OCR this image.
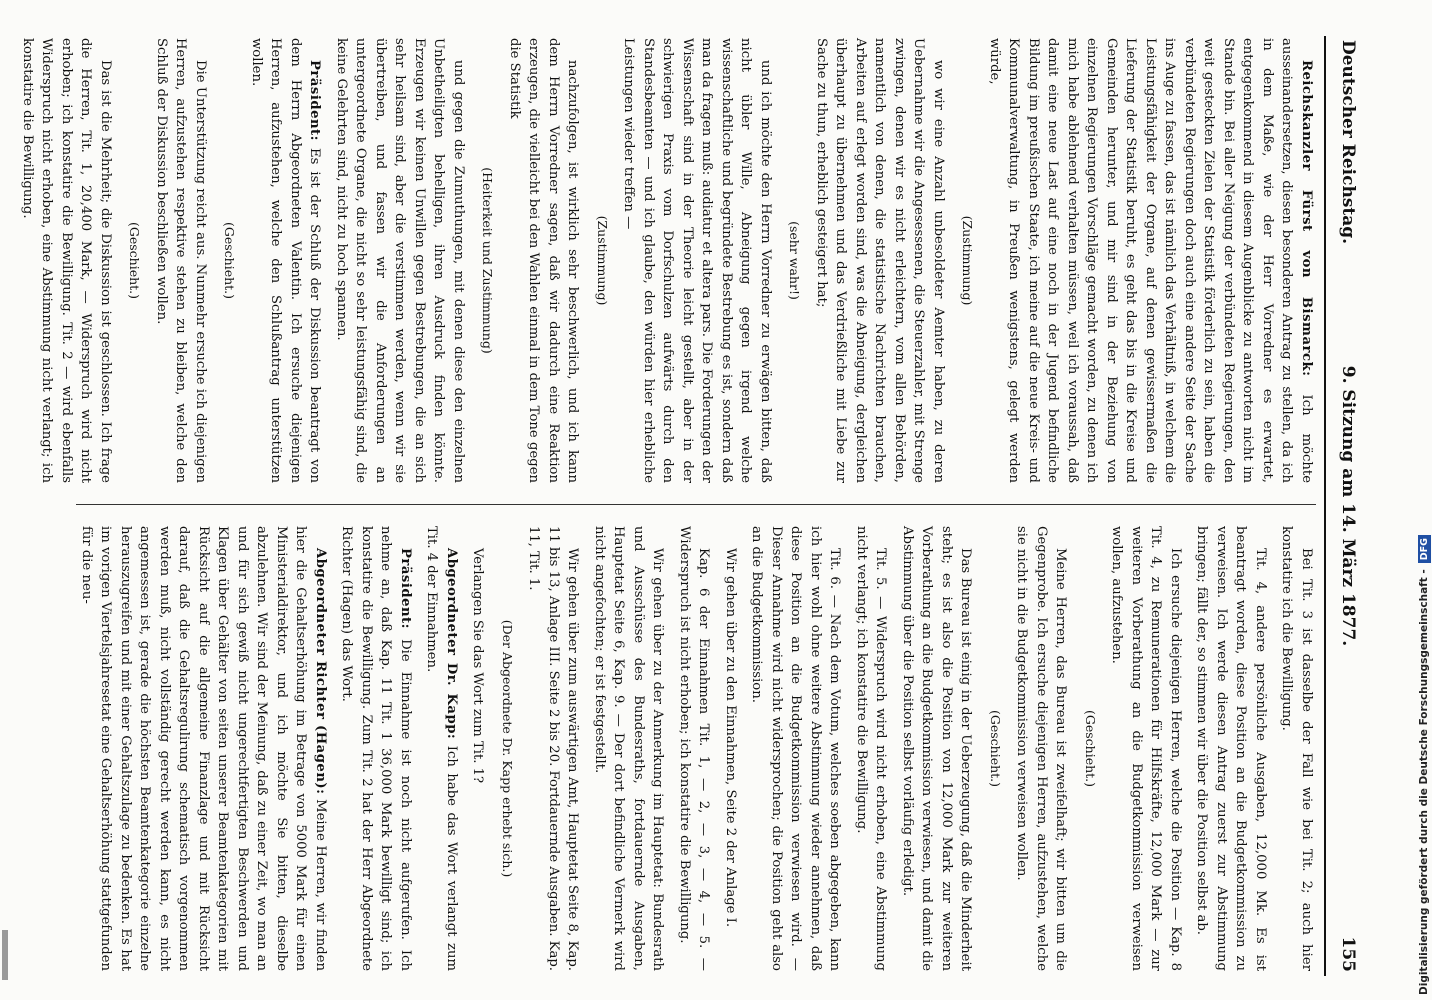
Deutscher Reichstag.
9. Sitzung am 14. März 1877.
155

Reichskanzler Fürst von Bismarck: Ich möchte ausseinandersetzen, diesen besonderen Antrag zu stellen, da ich in dem Maße, wie der Herr Vorredner es erwartet, entgegenkommend in diesem Augenblicke zu antworten nicht im Stande bin. Bei aller Neigung der verbündeten Regierungen, den weit gesteckten Zielen der Statistik förderlich zu sein, haben die verbündeten Regierungen doch auch eine andere Seite der Sache ins Auge zu fassen, das ist nämlich das Verhältniß, in welchem die Leistungsfähigkeit der Organe, auf denen gewissermaßen die Lieferung der Statistik beruht, es geht das bis in die Kreise und Gemeinden herunter, und mir sind in der Beziehung von einzelnen Regierungen Vorschläge gemacht worden, zu denen ich mich habe ablehnend verhalten müssen, weil ich voraussah, daß damit eine neue Last auf eine noch in der Jugend befindliche Bildung im preußischen Staate, ich meine auf die neue Kreis- und Kommunalverwaltung, in Preußen wenigstens, gelegt werden würde,

(Zustimmung)

wo wir eine Anzahl unbesoldeter Aemter haben, zu deren Uebernahme wir die Angesessenen, die Steuerzahler, mit Strenge zwingen, denen wir es nicht erleichtern, vom allen Behörden, namentlich von denen, die statistische Nachrichten brauchen, Arbeiten auf erlegt worden sind, was die Abneigung, dergleichen überhaupt zu übernehmen und das Verdrießliche mit Liebe zur Sache zu thun, erheblich gesteigert hat;

(sehr wahr!)

und ich möchte den Herrn Vorredner zu erwägen bitten, daß nicht übler Wille, Abneigung gegen irgend welche wissenschaftliche und begründete Bestrebung es ist, sondern daß man da fragen muß: audiatur et altera pars. Die Forderungen der Wissenschaft sind in der Theorie leicht gestellt, aber in der schwierigen Praxis vom Dorfschulzen aufwärts durch den Standesbeamten — und ich glaube, den würden hier erhebliche Leistungen wieder treffen —

(Zustimmung)

nachzufolgen, ist wirklich sehr beschwerlich, und ich kann dem Herrn Vorredner sagen, daß wir dadurch eine Reaktion erzeugen, die vielleicht bei den Wahlen einmal in dem Tone gegen die Statistik

(Heiterkeit und Zustimmung)

und gegen die Zumuthungen, mit denen diese den einzelnen Unbetheiligten behelligen, ihren Ausdruck finden könnte. Erzeugen wir keinen Unwillen gegen Bestrebungen, die an sich sehr heilsam sind, aber die verstimmen werden, wenn wir sie übertreiben, und fassen wir die Anforderungen an untergeordnete Organe, die nicht so sehr leistungsfähig sind, die keine Gelehrten sind, nicht zu hoch spannen.

Präsident: Es ist der Schluß der Diskussion beantragt von dem Herrn Abgeordneten Valentin. Ich ersuche diejenigen Herren, aufzustehen, welche den Schlußantrag unterstützen wollen.

(Geschieht.)

Die Unterstützung reicht aus. Nunmehr ersuche ich diejenigen Herren, aufzustehen respektive stehen zu bleiben, welche den Schluß der Diskussion beschließen wollen.

(Geschieht.)

Das ist die Mehrheit; die Diskussion ist geschlossen. Ich frage die Herren, Tit. 1, 20,400 Mark, — Widerspruch wird nicht erhoben; ich konstatire die Bewilligung. Tit. 2 — wird ebenfalls Widerspruch nicht erhoben, eine Abstimmung nicht verlangt; ich konstatire die Bewilligung.

Bei Tit. 3 ist dasselbe der Fall wie bei Tit. 2; auch hier konstatire ich die Bewilligung.

Tit. 4, andere persönliche Ausgaben, 12,000 Mk. Es ist beantragt worden, diese Position an die Budgetkommission zu verweisen. Ich werde diesen Antrag zuerst zur Abstimmung bringen; fällt der, so stimmen wir über die Position selbst ab.

Ich ersuche diejenigen Herren, welche die Position — Kap. 8 Tit. 4, zu Remunerationen für Hilfskräfte, 12,000 Mark — zur weiteren Vorberathung an die Budgetkommission verweisen wollen, aufzustehen.

(Geschieht.)

Meine Herren, das Bureau ist zweifelhaft; wir bitten um die Gegenprobe. Ich ersuche diejenigen Herren, aufzustehen, welche sie nicht in die Budgetkommission verweisen wollen.

(Geschieht.)

Das Bureau ist einig in der Ueberzeugung, daß die Minderheit steht; es ist also die Position von 12,000 Mark zur weiteren Vorberathung an die Budgetkommission verwiesen, und damit die Abstimmung über die Position selbst vorläufig erledigt.

Tit. 5. — Widerspruch wird nicht erhoben, eine Abstimmung nicht verlangt; ich konstatire die Bewilligung.

Tit. 6. — Nach dem Votum, welches soeben abgegeben, kann ich hier wohl ohne weitere Abstimmung wieder annehmen, daß diese Position an die Budgetkommission verwiesen wird. — Dieser Annahme wird nicht widersprochen; die Position geht also an die Budgetkommission.

Wir gehen über zu den Einnahmen, Seite 2 der Anlage I.

Kap. 6 der Einnahmen Tit. 1, — 2, — 3, — 4, — 5. — Widerspruch ist nicht erhoben; ich konstatire die Bewilligung.

Wir gehen über zu der Anmerkung im Hauptetat: Bundesrath und Ausschüsse des Bundesraths, fortdauernde Ausgaben, Hauptetat Seite 6, Kap. 9. — Der dort befindliche Vermerk wird nicht angefochten; er ist festgestellt.

Wir gehen über zum auswärtigen Amt, Hauptetat Seite 8, Kap. 11 bis 13, Anlage III. Seite 2 bis 20. Fortdauernde Ausgaben. Kap. 11, Tit. 1.

(Der Abgeordnete Dr. Kapp erhebt sich.)

Verlangen Sie das Wort zum Tit. 1?

Abgeordneter Dr. Kapp: Ich habe das Wort verlangt zum Tit. 4 der Einnahmen.

Präsident: Die Einnahme ist noch nicht aufgerufen. Ich nehme an, daß Kap. 11 Tit. 1 36,000 Mark bewilligt sind; ich konstatire die Bewilligung. Zum Tit. 2 hat der Herr Abgeordnete Richter (Hagen) das Wort.

Abgeordneter Richter (Hagen): Meine Herren, wir finden hier die Gehaltserhöhung im Betrage von 5000 Mark für einen Ministerialdirektor, und ich möchte Sie bitten, dieselbe abzulehnen. Wir sind der Meinung, daß zu einer Zeit, wo man an und für sich gewiß nicht ungerechtfertigten Beschwerden und Klagen über Gehälter von seiten unserer Beamtenkategorien mit Rücksicht auf die allgemeine Finanzlage und mit Rücksicht darauf, daß die Gehaltsregulirung schematisch vorgenommen werden muß, nicht vollständig gerecht werden kann, es nicht angemessen ist, gerade die höchsten Beamtenkategorie einzelne herauszugreifen und mit einer Gehaltszulage zu bedenken. Es hat im vorigen Viertelsjahresetat eine Gehaltserhöhung stattgefunden für die neu-

Digitalisierung gefördert durch die Deutsche Forschungsgemeinschaft -DFG
